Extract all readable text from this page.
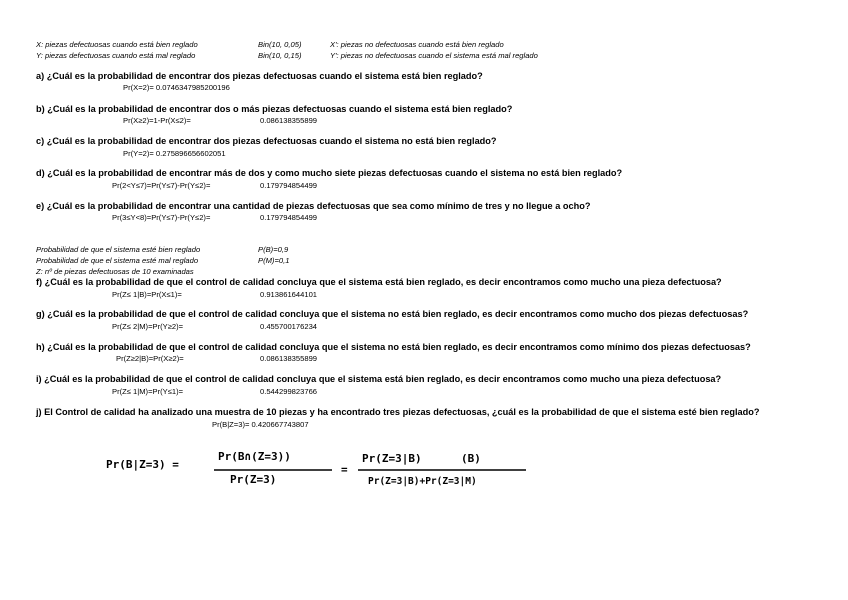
X: piezas defectuosas cuando está bien reglado	Bin(10, 0,05)	X': piezas no defectuosas cuando está bien reglado
Y: piezas defectuosas cuando está mal reglado	Bin(10, 0,15)	Y': piezas no defectuosas cuando el sistema está mal reglado
a) ¿Cuál es la probabilidad de encontrar dos piezas defectuosas cuando el sistema está bien reglado?
Pr(X=2)= 0.0746347985200196
b) ¿Cuál es la probabilidad de encontrar dos o más piezas defectuosas cuando el sistema está bien reglado?
Pr(X≥2)=1-Pr(X≤2)=	0.086138355899
c) ¿Cuál es la probabilidad de encontrar dos piezas defectuosas cuando el sistema no está bien reglado?
Pr(Y=2)= 0.275896656602051
d) ¿Cuál es la probabilidad de encontrar más de dos y como mucho siete piezas defectuosas cuando el sistema no está bien reglado?
Pr(2<Y≤7)=Pr(Y≤7)-Pr(Y≤2)=	0.179794854499
e) ¿Cuál es la probabilidad de encontrar una cantidad de piezas defectuosas que sea como mínimo de tres y no llegue a ocho?
Pr(3≤Y<8)=Pr(Y≤7)-Pr(Y≤2)=	0.179794854499
Probabilidad de que el sistema esté bien reglado	P(B)=0,9
Probabilidad de que el sistema esté mal reglado	P(M)=0,1
Z: nº de piezas defectuosas de 10 examinadas
f) ¿Cuál es la probabilidad de que el control de calidad concluya que el sistema está bien reglado, es decir encontramos como mucho una pieza defectuosa?
Pr(Z≤ 1|B)=Pr(X≤1)=	0.913861644101
g) ¿Cuál es la probabilidad de que el control de calidad concluya que el sistema no está bien reglado, es decir encontramos como mucho dos piezas defectuosas?
Pr(Z≤ 2|M)=Pr(Y≥2)=	0.455700176234
h) ¿Cuál es la probabilidad de que el control de calidad concluya que el sistema no está bien reglado, es decir encontramos como mínimo dos piezas defectuosas?
Pr(Z≥2|B)=Pr(X≥2)=	0.086138355899
i) ¿Cuál es la probabilidad de que el control de calidad concluya que el sistema está bien reglado, es decir encontramos como mucho una pieza defectuosa?
Pr(Z≤ 1|M)=Pr(Y≤1)=	0.544299823766
j) El Control de calidad ha analizado una muestra de 10 piezas y ha encontrado tres piezas defectuosas, ¿cuál es la probabilidad de que el sistema esté bien reglado?
Pr(B|Z=3)= 0.420667743807
Pr(B|Z=3) =
Pr(B∩(Z=3))
Pr(Z=3)
=
Pr(Z=3|B)	(B)
Pr(Z=3|B)+Pr(Z=3|M)
